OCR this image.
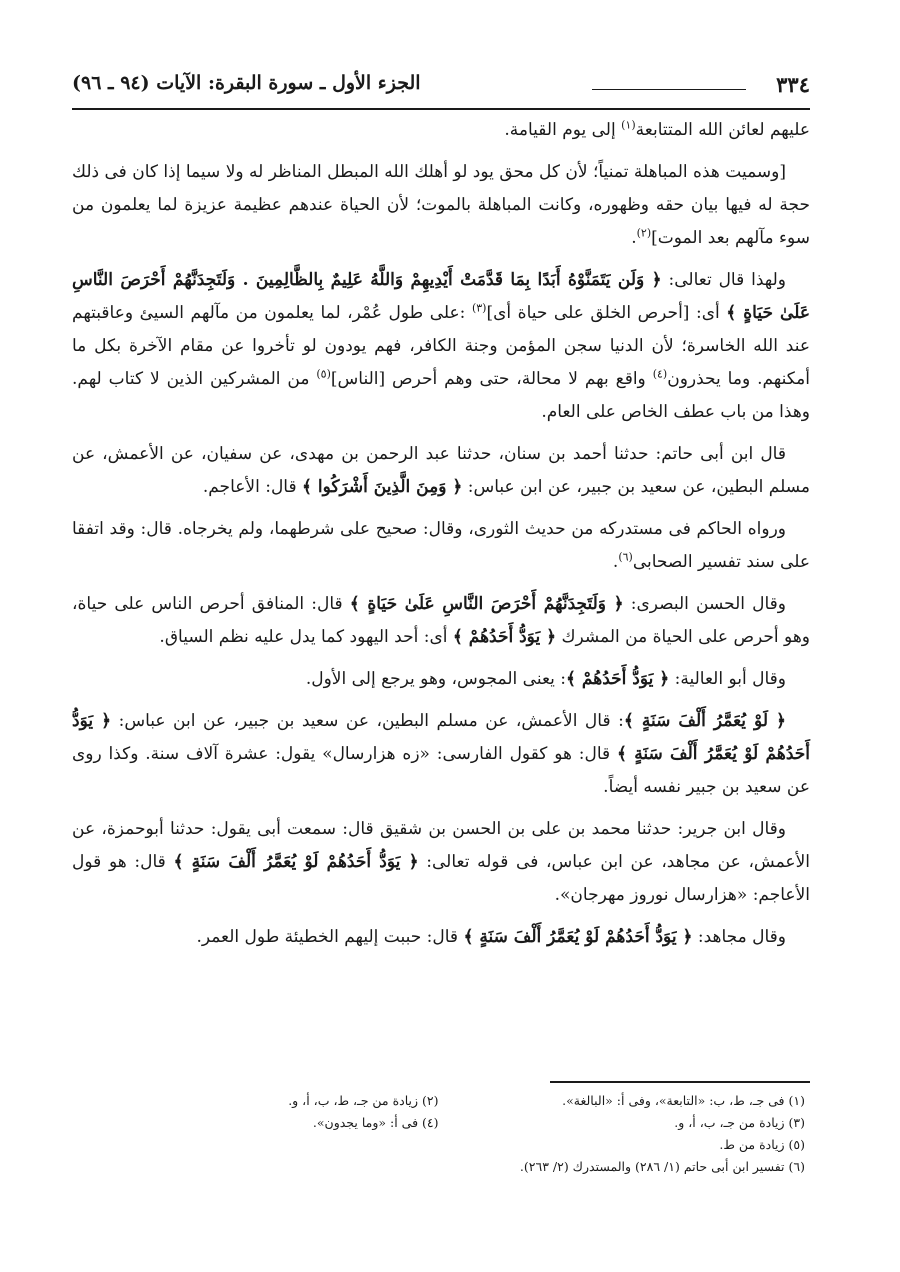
٣٣٤
الجزء الأول ـ سورة البقرة: الآيات (٩٤ ـ ٩٦)

عليهم لعائن الله المتتابعة$^{(١)}$ إلى يوم القيامة.

[وسميت هذه المباهلة تمنياً؛ لأن كل محق يود لو أهلك الله المبطل المناظر له ولا سيما إذا كان فى ذلك حجة له فيها بيان حقه وظهوره، وكانت المباهلة بالموت؛ لأن الحياة عندهم عظيمة عزيزة لما يعلمون من سوء مآلهم بعد الموت]$^{(٢)}$.

ولهذا قال تعالى: ﴿ وَلَن يَتَمَنَّوْهُ أَبَدًا بِمَا قَدَّمَتْ أَيْدِيهِمْ وَاللَّهُ عَلِيمٌ بِالظَّالِمِينَ . وَلَتَجِدَنَّهُمْ أَحْرَصَ النَّاسِ عَلَىٰ حَيَاةٍ ﴾ أى: [أحرص الخلق على حياة أى]$^{(٣)}$ :على طول عُمْر، لما يعلمون من مآلهم السيئ وعاقبتهم عند الله الخاسرة؛ لأن الدنيا سجن المؤمن وجنة الكافر، فهم يودون لو تأخروا عن مقام الآخرة بكل ما أمكنهم. وما يحذرون$^{(٤)}$ واقع بهم لا محالة، حتى وهم أحرص [الناس]$^{(٥)}$ من المشركين الذين لا كتاب لهم. وهذا من باب عطف الخاص على العام.

قال ابن أبى حاتم: حدثنا أحمد بن سنان، حدثنا عبد الرحمن بن مهدى، عن سفيان، عن الأعمش، عن مسلم البطين، عن سعيد بن جبير، عن ابن عباس: ﴿ وَمِنَ الَّذِينَ أَشْرَكُوا ﴾ قال: الأعاجم.

ورواه الحاكم فى مستدركه من حديث الثورى، وقال: صحيح على شرطهما، ولم يخرجاه. قال: وقد اتفقا على سند تفسير الصحابى$^{(٦)}$.

وقال الحسن البصرى: ﴿ وَلَتَجِدَنَّهُمْ أَحْرَصَ النَّاسِ عَلَىٰ حَيَاةٍ ﴾ قال: المنافق أحرص الناس على حياة، وهو أحرص على الحياة من المشرك ﴿ يَوَدُّ أَحَدُهُمْ ﴾ أى: أحد اليهود كما يدل عليه نظم السياق.

وقال أبو العالية: ﴿ يَوَدُّ أَحَدُهُمْ ﴾: يعنى المجوس، وهو يرجع إلى الأول.

﴿ لَوْ يُعَمَّرُ أَلْفَ سَنَةٍ ﴾: قال الأعمش، عن مسلم البطين، عن سعيد بن جبير، عن ابن عباس: ﴿ يَوَدُّ أَحَدُهُمْ لَوْ يُعَمَّرُ أَلْفَ سَنَةٍ ﴾ قال: هو كقول الفارسى: «زه هزارسال» يقول: عشرة آلاف سنة. وكذا روى عن سعيد بن جبير نفسه أيضاً.

وقال ابن جرير: حدثنا محمد بن على بن الحسن بن شقيق قال: سمعت أبى يقول: حدثنا أبوحمزة، عن الأعمش، عن مجاهد، عن ابن عباس، فى قوله تعالى: ﴿ يَوَدُّ أَحَدُهُمْ لَوْ يُعَمَّرُ أَلْفَ سَنَةٍ ﴾ قال: هو قول الأعاجم: «هزارسال نوروز مهرجان».

وقال مجاهد: ﴿ يَوَدُّ أَحَدُهُمْ لَوْ يُعَمَّرُ أَلْفَ سَنَةٍ ﴾ قال: حببت إليهم الخطيئة طول العمر.

(١) فى جـ، ط، ب: «التابعة»، وفى أ: «البالغة».
(٢) زيادة من جـ، ط، ب، أ، و.
(٣) زيادة من جـ، ب، أ، و.
(٤) فى أ: «وما يجدون».
(٥) زيادة من ط.
(٦) تفسير ابن أبى حاتم (١/ ٢٨٦) والمستدرك (٢/ ٢٦٣).
